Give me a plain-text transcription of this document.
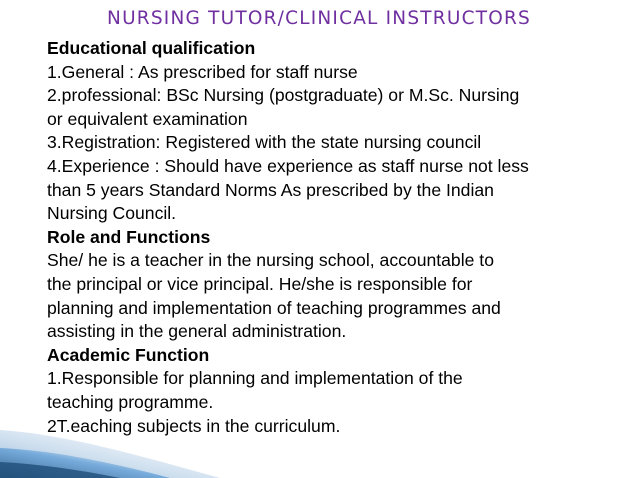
NURSING TUTOR/CLINICAL INSTRUCTORS
Educational qualification
1.General : As prescribed for staff nurse
2.professional: BSc Nursing (postgraduate) or M.Sc. Nursing
or equivalent examination
3.Registration: Registered with the state nursing council
4.Experience : Should have experience as staff nurse not less
than 5 years Standard Norms As prescribed by the Indian
Nursing Council.
Role and Functions
She/ he is a teacher in the nursing school, accountable to
the principal or vice principal. He/she is responsible for
planning and implementation of teaching programmes and
assisting in the general administration.
Academic Function
1.Responsible for planning and implementation of the
teaching programme.
2T.eaching subjects in the curriculum.
